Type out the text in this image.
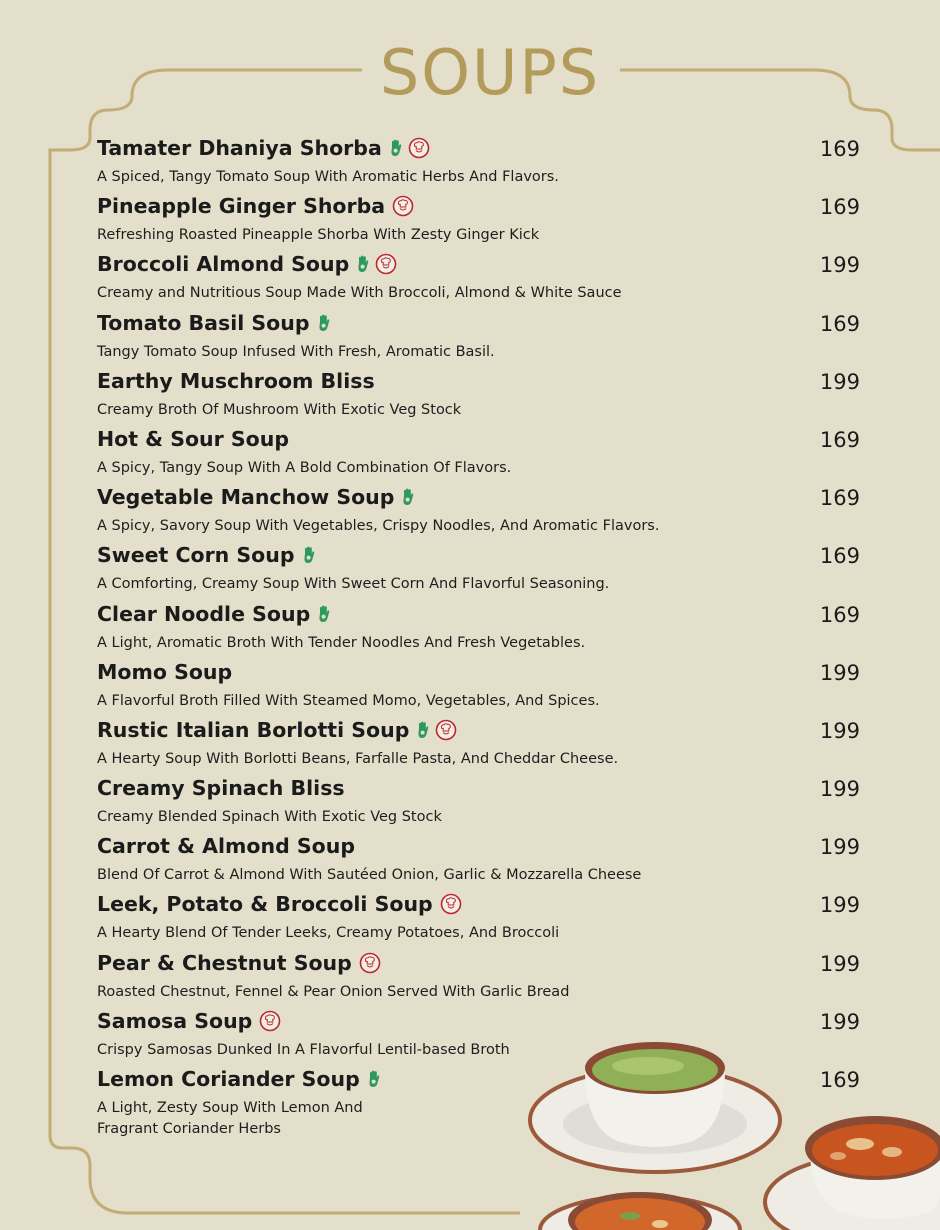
SOUPS
Tamater Dhaniya Shorba	169
A Spiced, Tangy Tomato Soup With Aromatic Herbs And Flavors.
Pineapple Ginger Shorba	169
Refreshing Roasted Pineapple Shorba With Zesty Ginger Kick
Broccoli Almond Soup	199
Creamy and Nutritious Soup Made With Broccoli, Almond & White Sauce
Tomato Basil Soup	169
Tangy Tomato Soup Infused With Fresh, Aromatic Basil.
Earthy Muschroom Bliss	199
Creamy Broth Of Mushroom With Exotic Veg Stock
Hot & Sour Soup	169
A Spicy, Tangy Soup With A Bold Combination Of Flavors.
Vegetable Manchow Soup	169
A Spicy, Savory Soup With Vegetables, Crispy Noodles, And Aromatic Flavors.
Sweet Corn Soup	169
A Comforting, Creamy Soup With Sweet Corn And Flavorful Seasoning.
Clear Noodle Soup	169
A Light, Aromatic Broth With Tender Noodles And Fresh Vegetables.
Momo Soup	199
A Flavorful Broth Filled With Steamed Momo, Vegetables, And Spices.
Rustic Italian Borlotti Soup	199
A Hearty Soup With Borlotti Beans, Farfalle Pasta, And Cheddar Cheese.
Creamy Spinach Bliss	199
Creamy Blended Spinach With Exotic Veg Stock
Carrot & Almond Soup	199
Blend Of Carrot & Almond With Sautéed Onion, Garlic & Mozzarella Cheese
Leek, Potato & Broccoli Soup	199
A Hearty Blend Of Tender Leeks, Creamy Potatoes, And Broccoli
Pear & Chestnut Soup	199
Roasted Chestnut, Fennel & Pear Onion Served With Garlic Bread
Samosa Soup	199
Crispy Samosas Dunked In A Flavorful Lentil-based Broth
Lemon Coriander Soup	169
A Light, Zesty Soup With Lemon And Fragrant Coriander Herbs
